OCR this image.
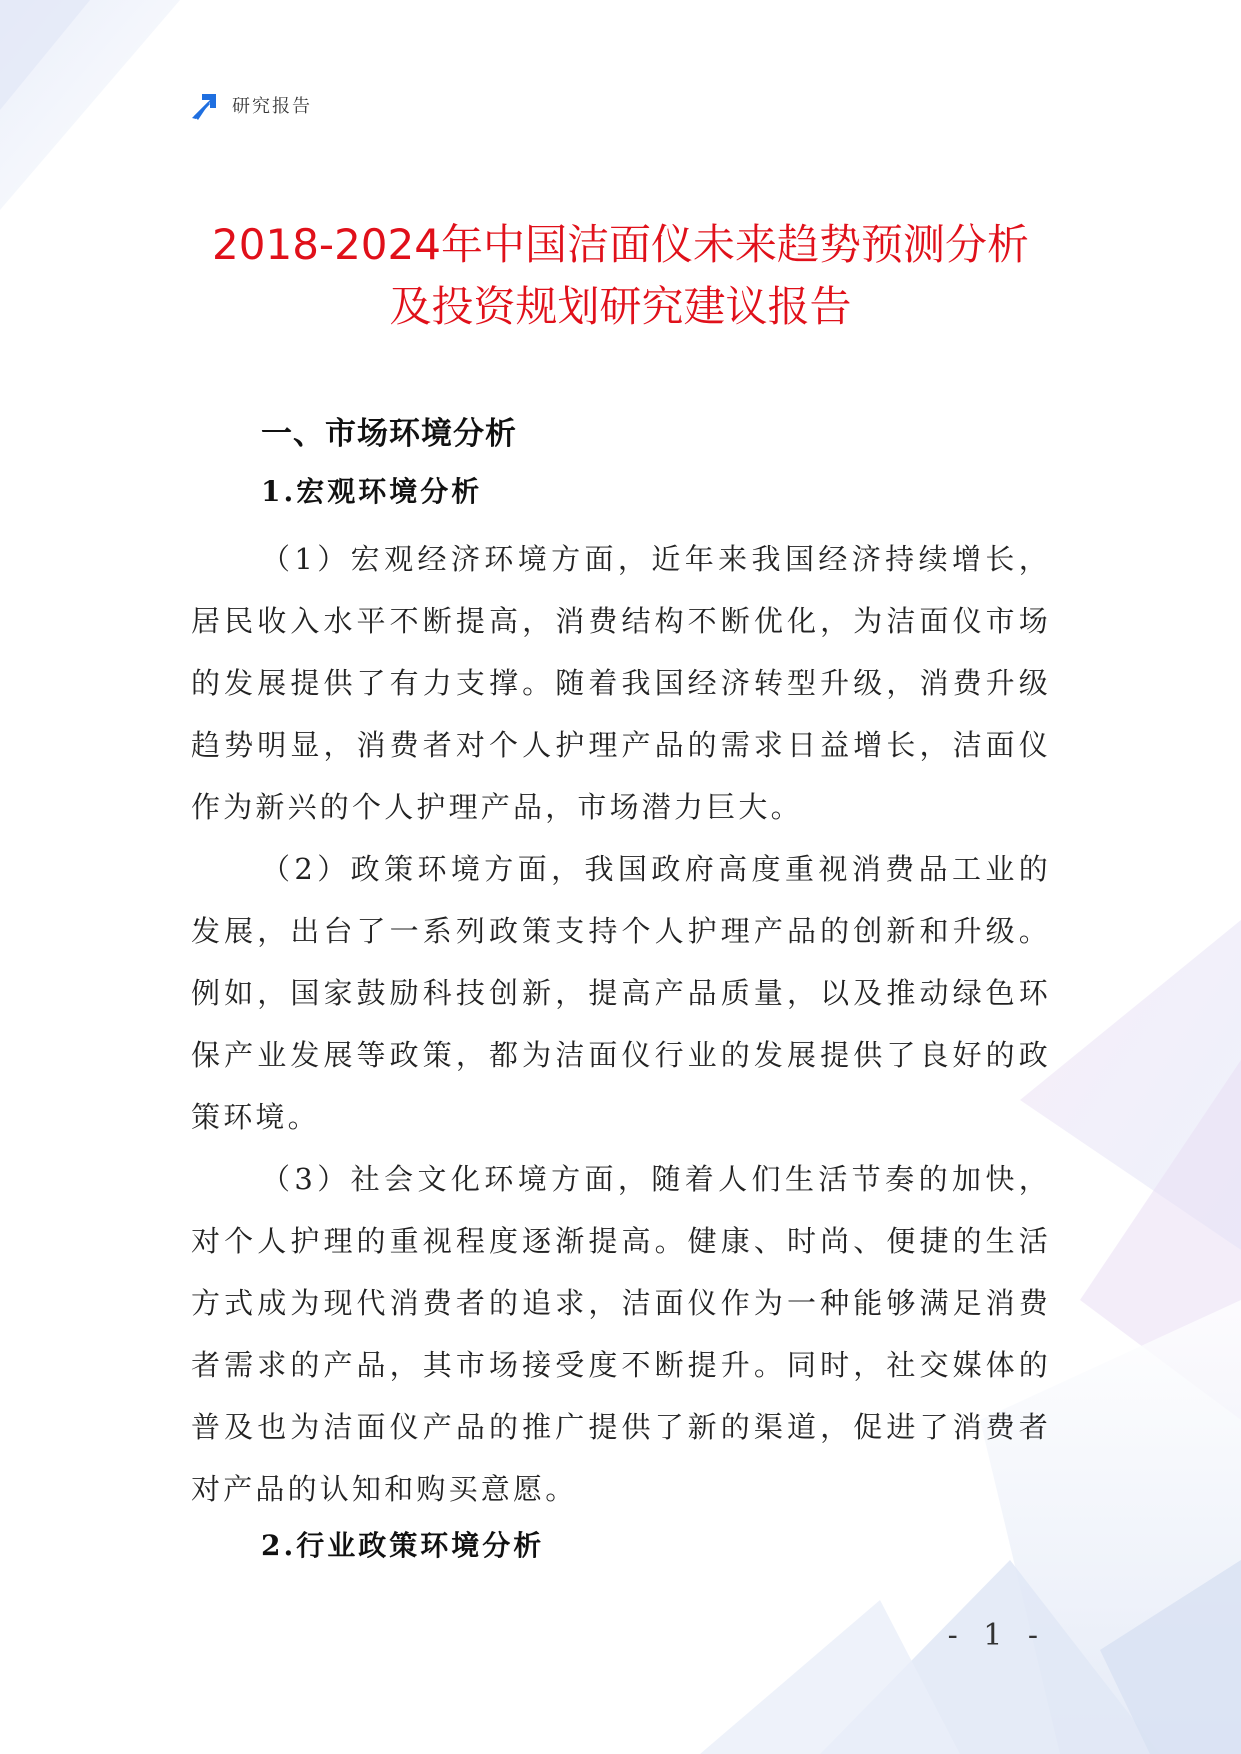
研究报告
2018-2024年中国洁面仪未来趋势预测分析
及投资规划研究建议报告
一、市场环境分析
1.宏观环境分析

（1）宏观经济环境方面，近年来我国经济持续增长，居民收入水平不断提高，消费结构不断优化，为洁面仪市场的发展提供了有力支撑。随着我国经济转型升级，消费升级趋势明显，消费者对个人护理产品的需求日益增长，洁面仪作为新兴的个人护理产品，市场潜力巨大。

（2）政策环境方面，我国政府高度重视消费品工业的发展，出台了一系列政策支持个人护理产品的创新和升级。例如，国家鼓励科技创新，提高产品质量，以及推动绿色环保产业发展等政策，都为洁面仪行业的发展提供了良好的政策环境。

（3）社会文化环境方面，随着人们生活节奏的加快，对个人护理的重视程度逐渐提高。健康、时尚、便捷的生活方式成为现代消费者的追求，洁面仪作为一种能够满足消费者需求的产品，其市场接受度不断提升。同时，社交媒体的普及也为洁面仪产品的推广提供了新的渠道，促进了消费者对产品的认知和购买意愿。

2.行业政策环境分析
- 1 -
